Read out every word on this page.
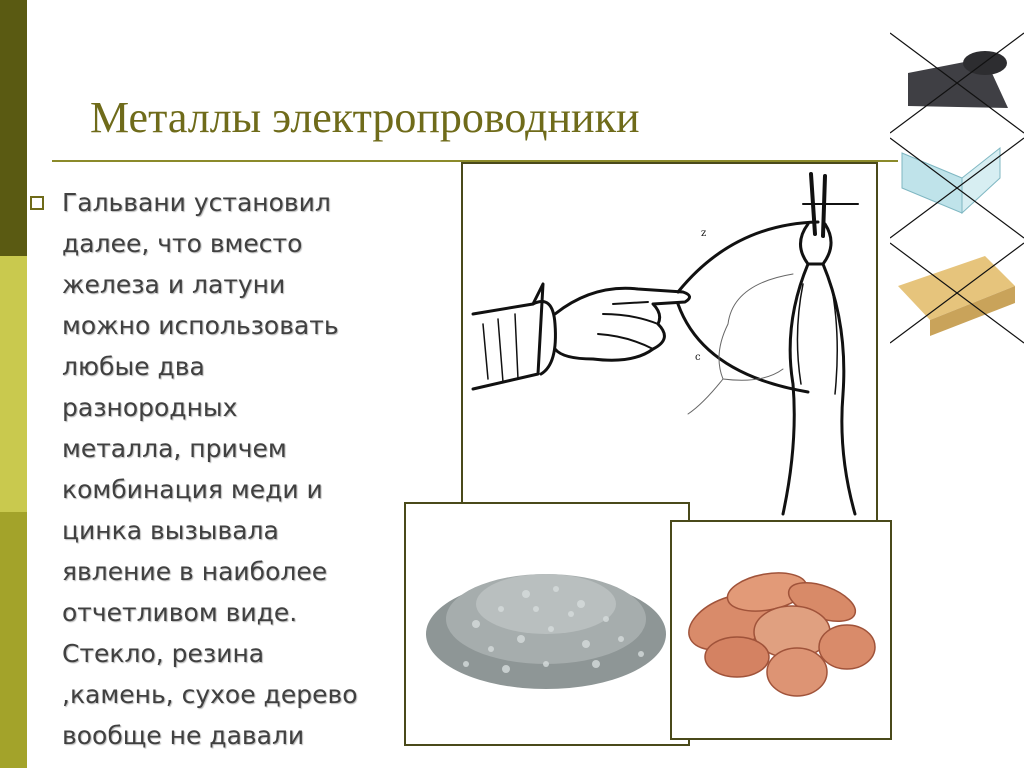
Металлы электропроводники
Гальвани установил
далее, что вместо
железа и латуни
можно использовать
любые два
разнородных
металла, причем
комбинация меди и
цинка вызывала
явление в наиболее
отчетливом виде.
Стекло, резина
,камень, сухое дерево
вообще не давали
z
c
